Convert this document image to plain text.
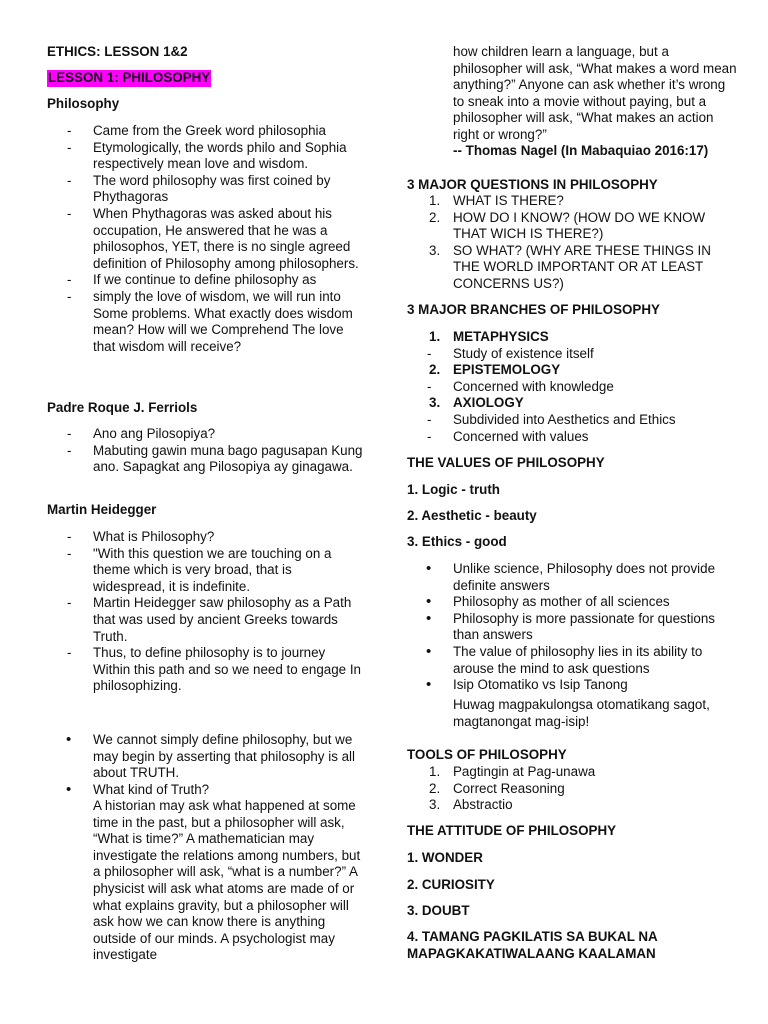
ETHICS: LESSON 1&2
LESSON 1: PHILOSOPHY
Philosophy
- Came from the Greek word philosophia
- Etymologically, the words philo and Sophia respectively mean love and wisdom.
- The word philosophy was first coined by Phythagoras
- When Phythagoras was asked about his occupation, He answered that he was a philosophos, YET, there is no single agreed definition of Philosophy among philosophers.
- If we continue to define philosophy as
- simply the love of wisdom, we will run into Some problems. What exactly does wisdom mean? How will we Comprehend The love that wisdom will receive?
Padre Roque J. Ferriols
- Ano ang Pilosopiya?
- Mabuting gawin muna bago pagusapan Kung ano. Sapagkat ang Pilosopiya ay ginagawa.
Martin Heidegger
- What is Philosophy?
- "With this question we are touching on a theme which is very broad, that is widespread, it is indefinite.
- Martin Heidegger saw philosophy as a Path that was used by ancient Greeks towards Truth.
- Thus, to define philosophy is to journey Within this path and so we need to engage In philosophizing.
• We cannot simply define philosophy, but we may begin by asserting that philosophy is all about TRUTH.
• What kind of Truth?
A historian may ask what happened at some time in the past, but a philosopher will ask, “What is time?” A mathematician may investigate the relations among numbers, but a philosopher will ask, “what is a number?” A physicist will ask what atoms are made of or what explains gravity, but a philosopher will ask how we can know there is anything outside of our minds. A psychologist may investigate
how children learn a language, but a philosopher will ask, “What makes a word mean anything?” Anyone can ask whether it’s wrong to sneak into a movie without paying, but a philosopher will ask, “What makes an action right or wrong?”
-- Thomas Nagel (In Mabaquiao 2016:17)
3 MAJOR QUESTIONS IN PHILOSOPHY
1. WHAT IS THERE?
2. HOW DO I KNOW? (HOW DO WE KNOW THAT WICH IS THERE?)
3. SO WHAT? (WHY ARE THESE THINGS IN THE WORLD IMPORTANT OR AT LEAST CONCERNS US?)
3 MAJOR BRANCHES OF PHILOSOPHY
1. METAPHYSICS
- Study of existence itself
2. EPISTEMOLOGY
- Concerned with knowledge
3. AXIOLOGY
- Subdivided into Aesthetics and Ethics
- Concerned with values
THE VALUES OF PHILOSOPHY
1. Logic - truth
2. Aesthetic - beauty
3. Ethics - good
• Unlike science, Philosophy does not provide definite answers
• Philosophy as mother of all sciences
• Philosophy is more passionate for questions than answers
• The value of philosophy lies in its ability to arouse the mind to ask questions
• Isip Otomatiko vs Isip Tanong
Huwag magpakulongsa otomatikang sagot, magtanongat mag-isip!
TOOLS OF PHILOSOPHY
1. Pagtingin at Pag-unawa
2. Correct Reasoning
3. Abstractio
THE ATTITUDE OF PHILOSOPHY
1. WONDER
2. CURIOSITY
3. DOUBT
4. TAMANG PAGKILATIS SA BUKAL NA MAPAGKAKATIWALAANG KAALAMAN
